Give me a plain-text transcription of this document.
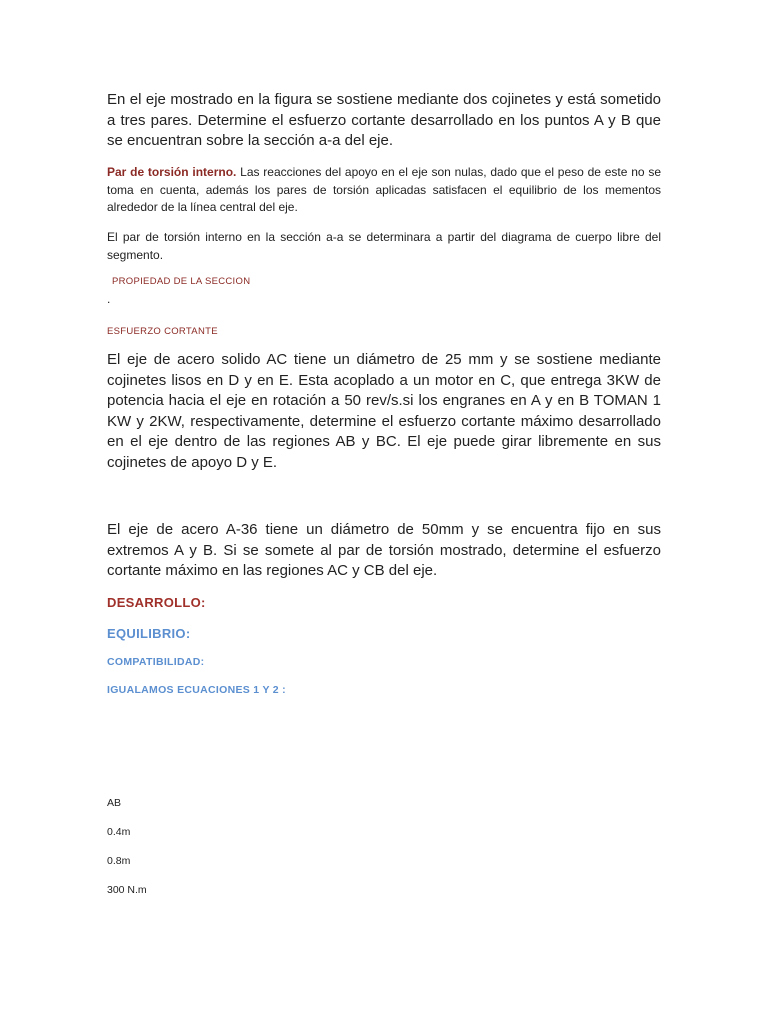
En el eje mostrado en la figura se sostiene mediante dos cojinetes y está sometido a tres pares. Determine el esfuerzo cortante desarrollado en los puntos A y B que se encuentran sobre la sección a-a del eje.

Par de torsión interno. Las reacciones del apoyo en el eje son nulas, dado que el peso de este no se toma en cuenta, además los pares de torsión aplicadas satisfacen el equilibrio de los mementos alrededor de la línea central del eje.

El par de torsión interno en la sección a-a se determinara a partir del diagrama de cuerpo libre del segmento.

PROPIEDAD DE LA SECCION
.
ESFUERZO CORTANTE

El eje de acero solido AC tiene un diámetro de 25 mm y se sostiene mediante cojinetes lisos en D y en E. Esta acoplado a un motor en C, que entrega 3KW de potencia hacia el eje en rotación a 50 rev/s.si los engranes en A y en B TOMAN 1 KW y 2KW, respectivamente, determine el esfuerzo cortante máximo desarrollado en el eje dentro de las regiones AB y BC. El eje puede girar libremente en sus cojinetes de apoyo D y E.

El eje de acero A-36 tiene un diámetro de 50mm y se encuentra fijo en sus extremos A y B. Si se somete al par de torsión mostrado, determine el esfuerzo cortante máximo en las regiones AC y CB del eje.

DESARROLLO:
EQUILIBRIO:
COMPATIBILIDAD:
IGUALAMOS ECUACIONES 1 Y 2 :
AB
0.4m
0.8m
300 N.m
